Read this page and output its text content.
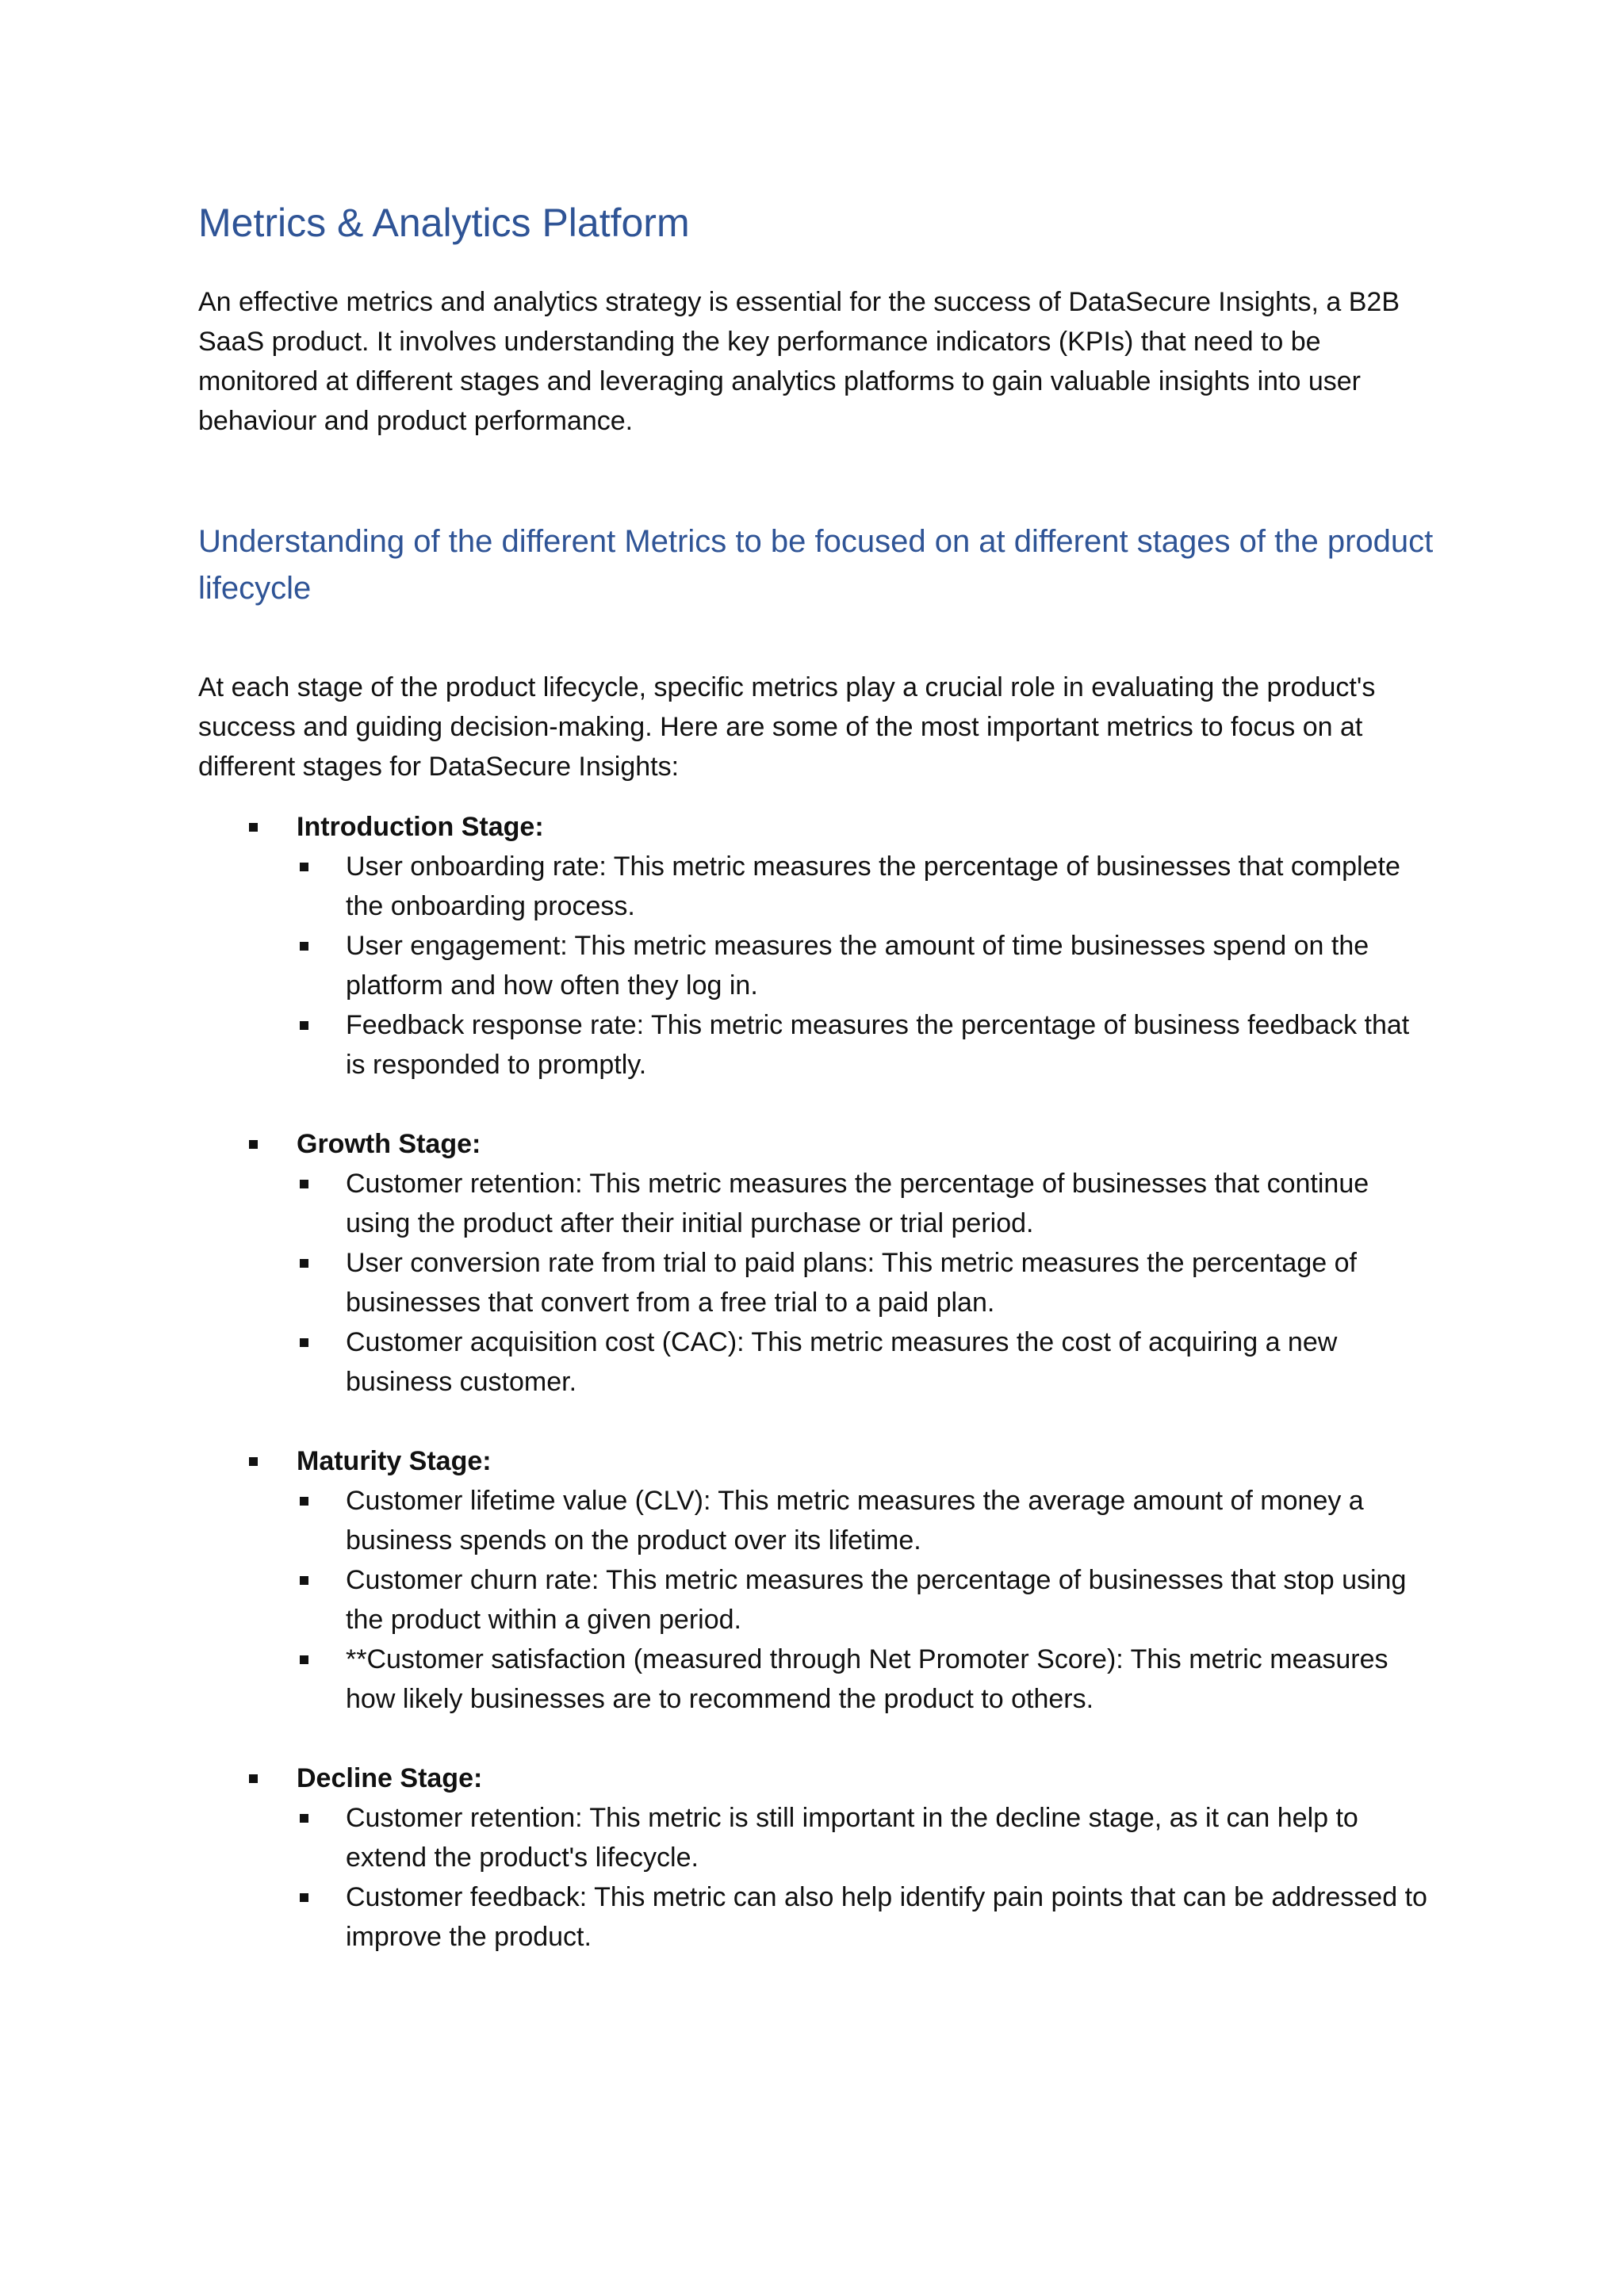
Metrics & Analytics Platform

An effective metrics and analytics strategy is essential for the success of DataSecure Insights, a B2B SaaS product. It involves understanding the key performance indicators (KPIs) that need to be monitored at different stages and leveraging analytics platforms to gain valuable insights into user behaviour and product performance.

Understanding of the different Metrics to be focused on at different stages of the product lifecycle

At each stage of the product lifecycle, specific metrics play a crucial role in evaluating the product's success and guiding decision-making. Here are some of the most important metrics to focus on at different stages for DataSecure Insights:

Introduction Stage:
User onboarding rate: This metric measures the percentage of businesses that complete the onboarding process.
User engagement: This metric measures the amount of time businesses spend on the platform and how often they log in.
Feedback response rate: This metric measures the percentage of business feedback that is responded to promptly.
Growth Stage:
Customer retention: This metric measures the percentage of businesses that continue using the product after their initial purchase or trial period.
User conversion rate from trial to paid plans: This metric measures the percentage of businesses that convert from a free trial to a paid plan.
Customer acquisition cost (CAC): This metric measures the cost of acquiring a new business customer.
Maturity Stage:
Customer lifetime value (CLV): This metric measures the average amount of money a business spends on the product over its lifetime.
Customer churn rate: This metric measures the percentage of businesses that stop using the product within a given period.
**Customer satisfaction (measured through Net Promoter Score): This metric measures how likely businesses are to recommend the product to others.
Decline Stage:
Customer retention: This metric is still important in the decline stage, as it can help to extend the product's lifecycle.
Customer feedback: This metric can also help identify pain points that can be addressed to improve the product.
